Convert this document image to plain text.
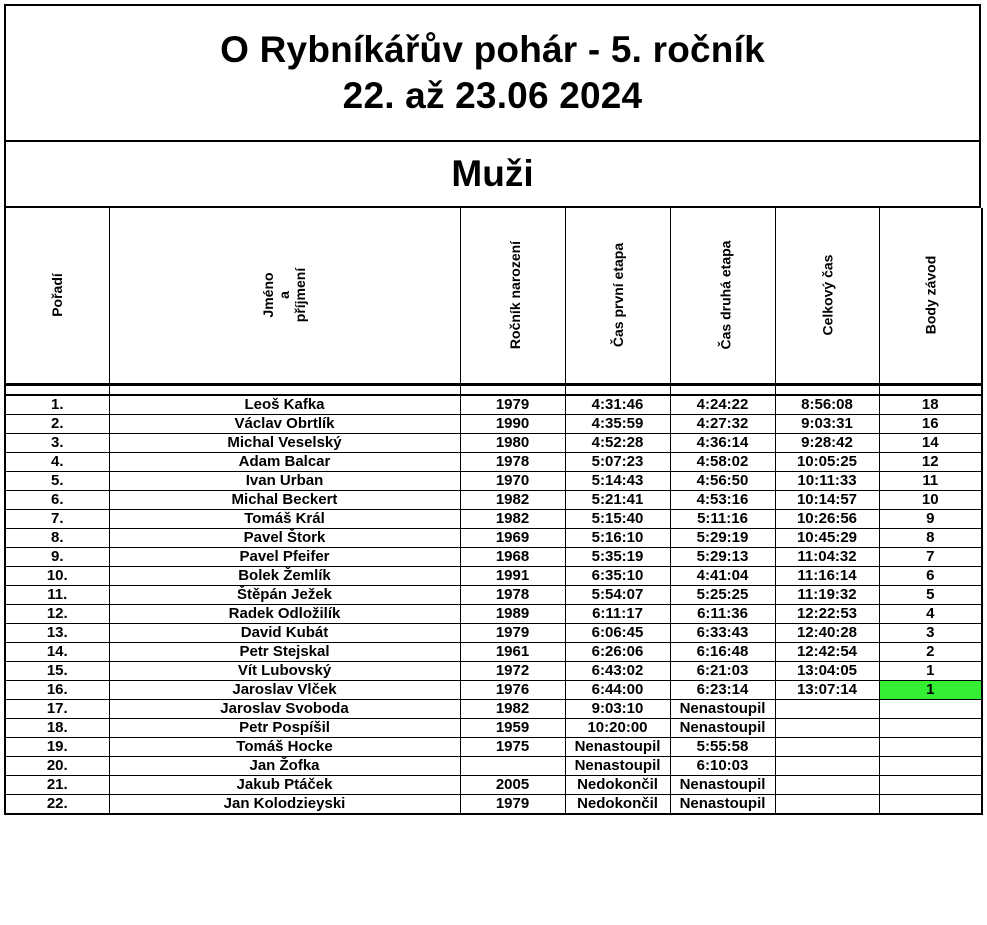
O Rybníkářův pohár - 5. ročník
22. až 23.06 2024
Muži
Pořadí	Jméno a příjmení	Ročník narození	Čas první etapa	Čas druhá etapa	Celkový čas	Body závod

1.	Leoš Kafka	1979	4:31:46	4:24:22	8:56:08	18
2.	Václav Obrtlík	1990	4:35:59	4:27:32	9:03:31	16
3.	Michal Veselský	1980	4:52:28	4:36:14	9:28:42	14
4.	Adam Balcar	1978	5:07:23	4:58:02	10:05:25	12
5.	Ivan Urban	1970	5:14:43	4:56:50	10:11:33	11
6.	Michal Beckert	1982	5:21:41	4:53:16	10:14:57	10
7.	Tomáš Král	1982	5:15:40	5:11:16	10:26:56	9
8.	Pavel Štork	1969	5:16:10	5:29:19	10:45:29	8
9.	Pavel Pfeifer	1968	5:35:19	5:29:13	11:04:32	7
10.	Bolek Žemlík	1991	6:35:10	4:41:04	11:16:14	6
11.	Štěpán Ježek	1978	5:54:07	5:25:25	11:19:32	5
12.	Radek Odložilík	1989	6:11:17	6:11:36	12:22:53	4
13.	David Kubát	1979	6:06:45	6:33:43	12:40:28	3
14.	Petr Stejskal	1961	6:26:06	6:16:48	12:42:54	2
15.	Vít Lubovský	1972	6:43:02	6:21:03	13:04:05	1
16.	Jaroslav Vlček	1976	6:44:00	6:23:14	13:07:14	1
17.	Jaroslav Svoboda	1982	9:03:10	Nenastoupil		
18.	Petr Pospíšil	1959	10:20:00	Nenastoupil		
19.	Tomáš Hocke	1975	Nenastoupil	5:55:58		
20.	Jan Žofka		Nenastoupil	6:10:03		
21.	Jakub Ptáček	2005	Nedokončil	Nenastoupil		
22.	Jan Kolodzieyski	1979	Nedokončil	Nenastoupil		
